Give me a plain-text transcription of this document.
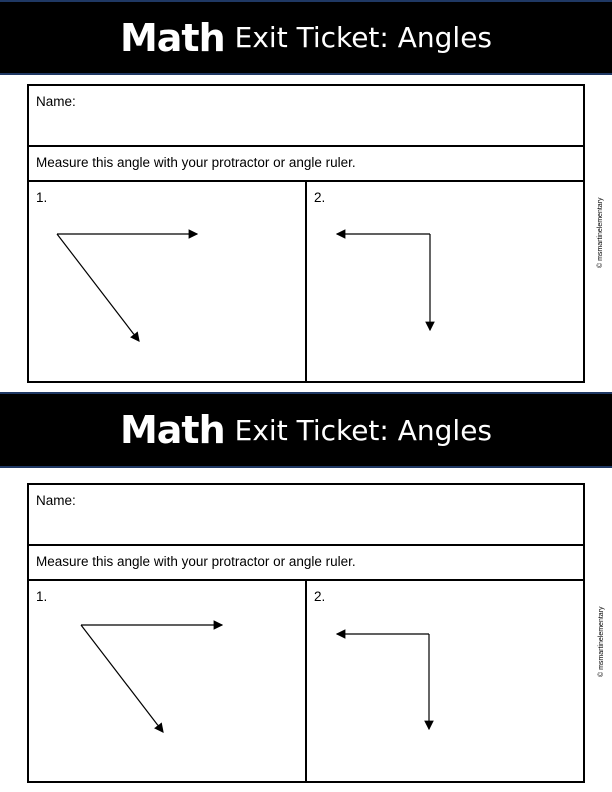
Math Exit Ticket: Angles
Name:
Measure this angle with your protractor or angle ruler.
1.	2.	© msmartinelementary
Math Exit Ticket: Angles
Name:
Measure this angle with your protractor or angle ruler.
1.	2.
© msmartinelementary
